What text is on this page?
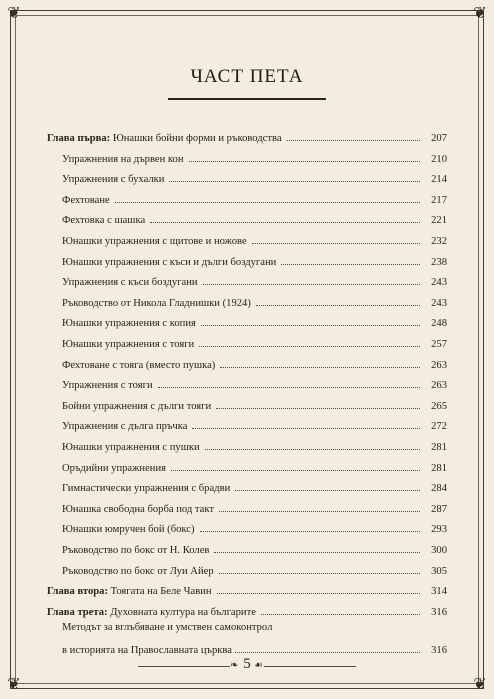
❦	❦
❦	❦
ЧАСТ ПЕТА
Глава първа: Юнашки бойни форми и ръководства	207
Упражнения на дървен кон	210
Упражнения с бухалки	214
Фехтоване	217
Фехтовка с шашка	221
Юнашки упражнения с щитове и ножове	232
Юнашки упражнения с къси и дълги боздугани	238
Упражнения с къси боздугани	243
Ръководство от Никола Гладнишки (1924)	243
Юнашки упражнения с копия	248
Юнашки упражнения с тояги	257
Фехтоване с тояга (вместо пушка)	263
Упражнения с тояги	263
Бойни упражнения с дълги тояги	265
Упражнения с дълга пръчка	272
Юнашки упражнения с пушки	281
Оръдийни упражнения	281
Гимнастически упражнения с брадви	284
Юнашка свободна борба под такт	287
Юнашки юмручен бой (бокс)	293
Ръководство по бокс от Н. Колев	300
Ръководство по бокс от Луи Айер	305
Глава втора: Тоягата на Беле Чавин	314
Глава трета: Духовната култура на българите	316
Методът за вглъбяване и умствен самоконтрол
в историята на Православната църква	316
❧ 5 ☙
